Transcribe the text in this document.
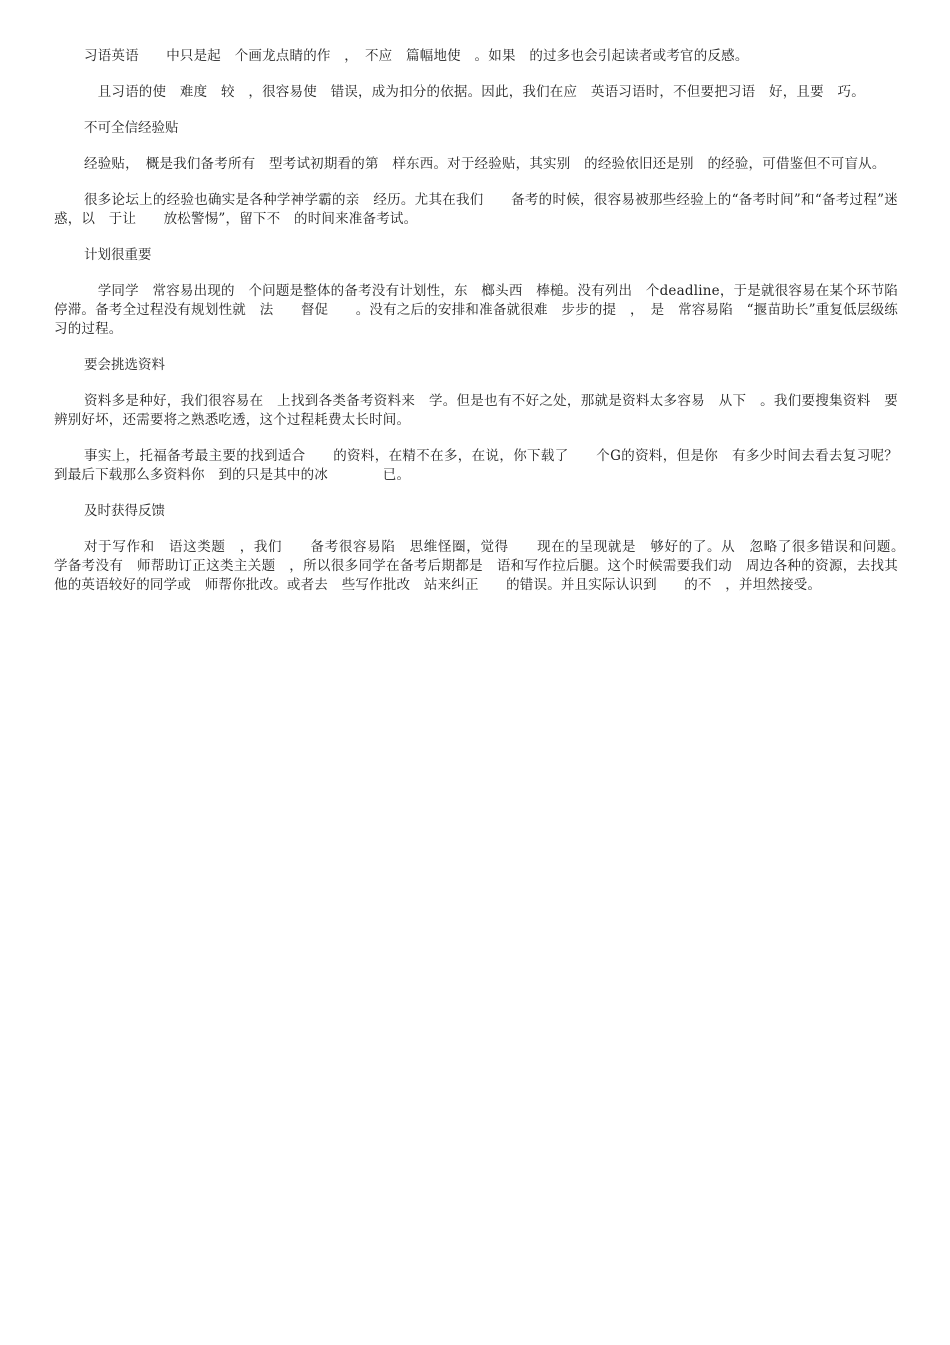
习语英语　　中只是起　个画龙点睛的作　，　不应　篇幅地使　。如果　的过多也会引起读者或考官的反感。

　且习语的使　难度　较　，很容易使　错误，成为扣分的依据。因此，我们在应　英语习语时，不但要把习语　好，且要　巧。

不可全信经验贴

经验贴，　概是我们备考所有　型考试初期看的第　样东西。对于经验贴，其实别　的经验依旧还是别　的经验，可借鉴但不可盲从。

很多论坛上的经验也确实是各种学神学霸的亲　经历。尤其在我们　　备考的时候，很容易被那些经验上的“备考时间”和“备考过程”迷惑，以　于让　　放松警惕”，留下不　的时间来准备考试。

计划很重要

　学同学　常容易出现的　个问题是整体的备考没有计划性，东　榔头西　棒槌。没有列出　个deadline，于是就很容易在某个环节陷　停滞。备考全过程没有规划性就　法　　督促　　。没有之后的安排和准备就很难　步步的提　，　是　常容易陷　“揠苗助长”重复低层级练习的过程。

要会挑选资料

资料多是种好，我们很容易在　上找到各类备考资料来　学。但是也有不好之处，那就是资料太多容易　从下　。我们要搜集资料　要辨别好坏，还需要将之熟悉吃透，这个过程耗费太长时间。

事实上，托福备考最主要的找到适合　　的资料，在精不在多，在说，你下载了　　个G的资料，但是你　有多少时间去看去复习呢？到最后下载那么多资料你　到的只是其中的冰　　　　已。

及时获得反馈

对于写作和　语这类题　，我们　　备考很容易陷　思维怪圈，觉得　　现在的呈现就是　够好的了。从　忽略了很多错误和问题。　学备考没有　师帮助订正这类主关题　，所以很多同学在备考后期都是　语和写作拉后腿。这个时候需要我们动　周边各种的资源，去找其他的英语较好的同学或　师帮你批改。或者去　些写作批改　站来纠正　　的错误。并且实际认识到　　的不　，并坦然接受。
